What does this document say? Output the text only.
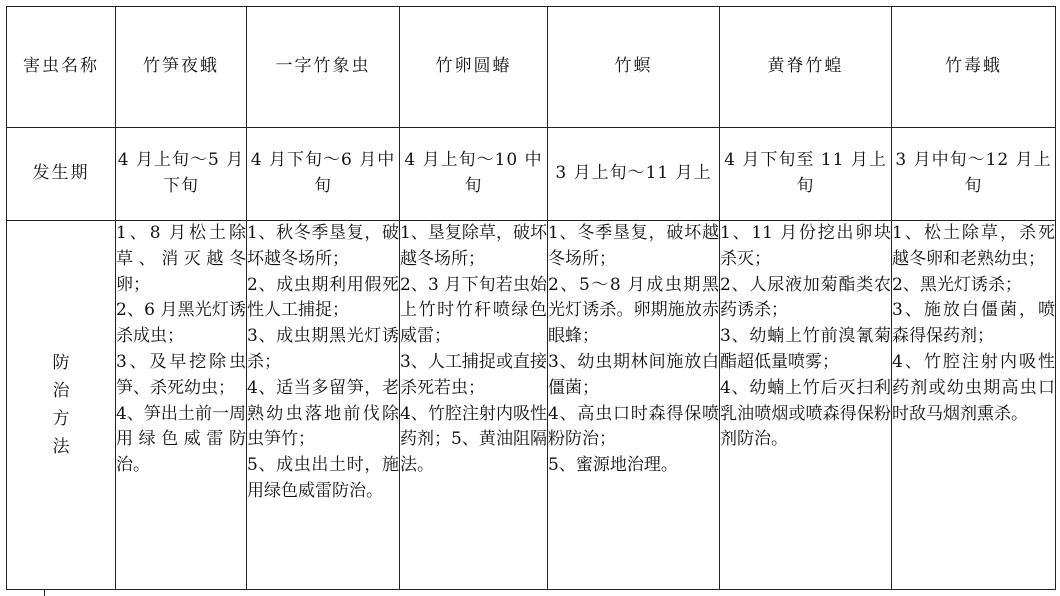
害虫名称	竹笋夜蛾	一字竹象虫	竹卵圆蝽	竹螟	黄脊竹蝗	竹毒蛾
发生期	4 月上旬～5 月下旬	4 月下旬～6 月中旬	4 月上旬～10 中旬	3 月上旬～11 月上	4 月下旬至 11 月上旬	3 月中旬～12 月上旬

防治方法	1、8 月松土除草、消灭越冬卵；
2、6 月黑光灯诱杀成虫；
3、及早挖除虫笋、杀死幼虫；
4、笋出土前一周用绿色威雷防治。	1、秋冬季垦复，破坏越冬场所；
2、成虫期利用假死性人工捕捉；
3、成虫期黑光灯诱杀；
4、适当多留笋，老熟幼虫落地前伐除虫笋竹；
5、成虫出土时，施用绿色威雷防治。	1、垦复除草，破坏越冬场所；
2、3 月下旬若虫始上竹时竹秆喷绿色威雷；
3、人工捕捉或直接杀死若虫；
4、竹腔注射内吸性药剂；5、黄油阻隔法。	1、冬季垦复，破坏越冬场所；
2、5～8 月成虫期黑光灯诱杀。卵期施放赤眼蜂；
3、幼虫期林间施放白僵菌；
4、高虫口时森得保喷粉防治；
5、蜜源地治理。	1、11 月份挖出卵块杀灭；
2、人尿液加菊酯类农药诱杀；
3、幼蝻上竹前溴氰菊酯超低量喷雾；
4、幼蝻上竹后灭扫利乳油喷烟或喷森得保粉剂防治。	1、松土除草，杀死越冬卵和老熟幼虫；
2、黑光灯诱杀；
3、施放白僵菌，喷森得保药剂；
4、竹腔注射内吸性药剂或幼虫期高虫口时敌马烟剂熏杀。
